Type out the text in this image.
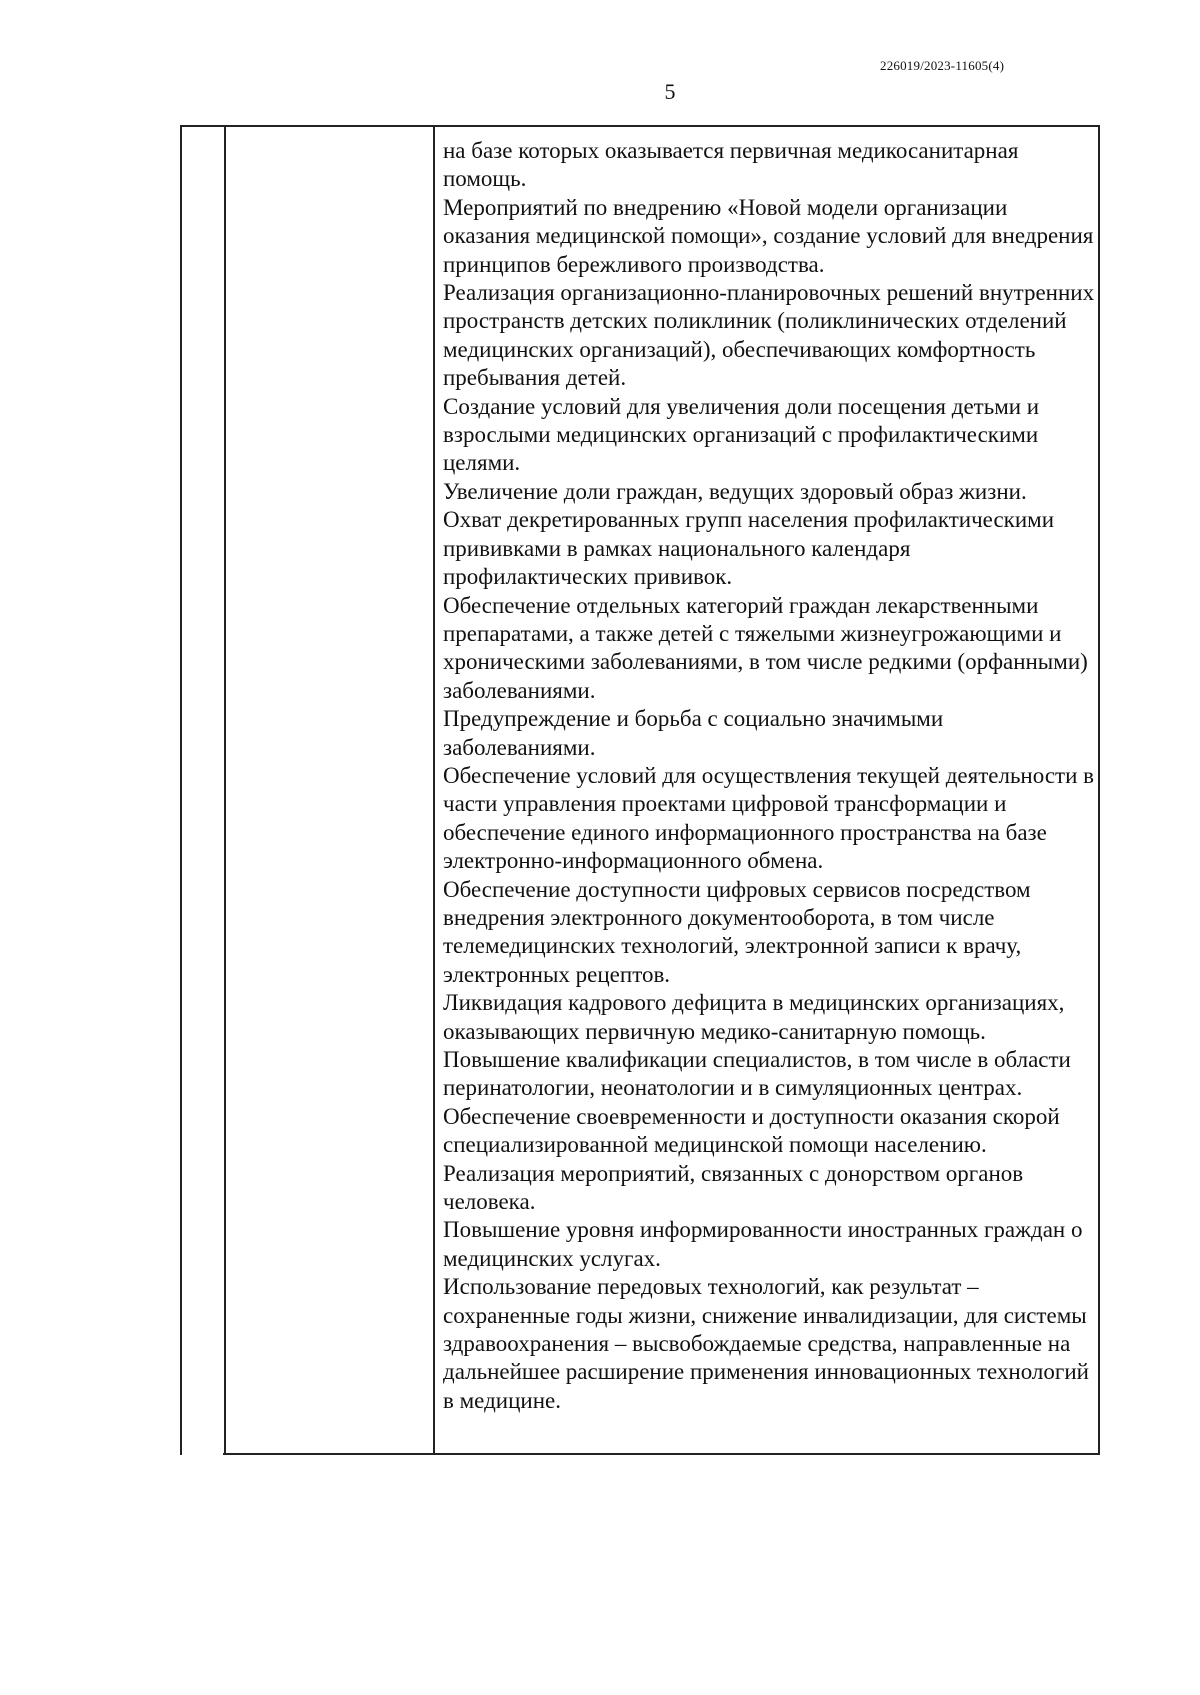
226019/2023-11605(4)
5

на базе которых оказывается первичная медикосанитарная помощь.

Мероприятий по внедрению «Новой модели организации оказания медицинской помощи», создание условий для внедрения принципов бережливого производства.

Реализация организационно-планировочных решений внутренних пространств детских поликлиник (поликлинических отделений медицинских организаций), обеспечивающих комфортность пребывания детей.

Создание условий для увеличения доли посещения детьми и взрослыми медицинских организаций с профилактическими целями.

Увеличение доли граждан, ведущих здоровый образ жизни.

Охват декретированных групп населения профилактическими прививками в рамках национального календаря профилактических прививок.

Обеспечение отдельных категорий граждан лекарственными препаратами, а также детей с тяжелыми жизнеугрожающими и хроническими заболеваниями, в том числе редкими (орфанными) заболеваниями.

Предупреждение и борьба с социально значимыми заболеваниями.

Обеспечение условий для осуществления текущей деятельности в части управления проектами цифровой трансформации и обеспечение единого информационного пространства на базе электронно-информационного обмена.

Обеспечение доступности цифровых сервисов посредством внедрения электронного документооборота, в том числе телемедицинских технологий, электронной записи к врачу, электронных рецептов.

Ликвидация кадрового дефицита в медицинских организациях, оказывающих первичную медико-санитарную помощь.

Повышение квалификации специалистов, в том числе в области перинатологии, неонатологии и в симуляционных центрах.

Обеспечение своевременности и доступности оказания скорой специализированной медицинской помощи населению.

Реализация мероприятий, связанных с донорством органов человека.

Повышение уровня информированности иностранных граждан о медицинских услугах.

Использование передовых технологий, как результат – сохраненные годы жизни, снижение инвалидизации, для системы здравоохранения – высвобождаемые средства, направленные на дальнейшее расширение применения инновационных технологий в медицине.
